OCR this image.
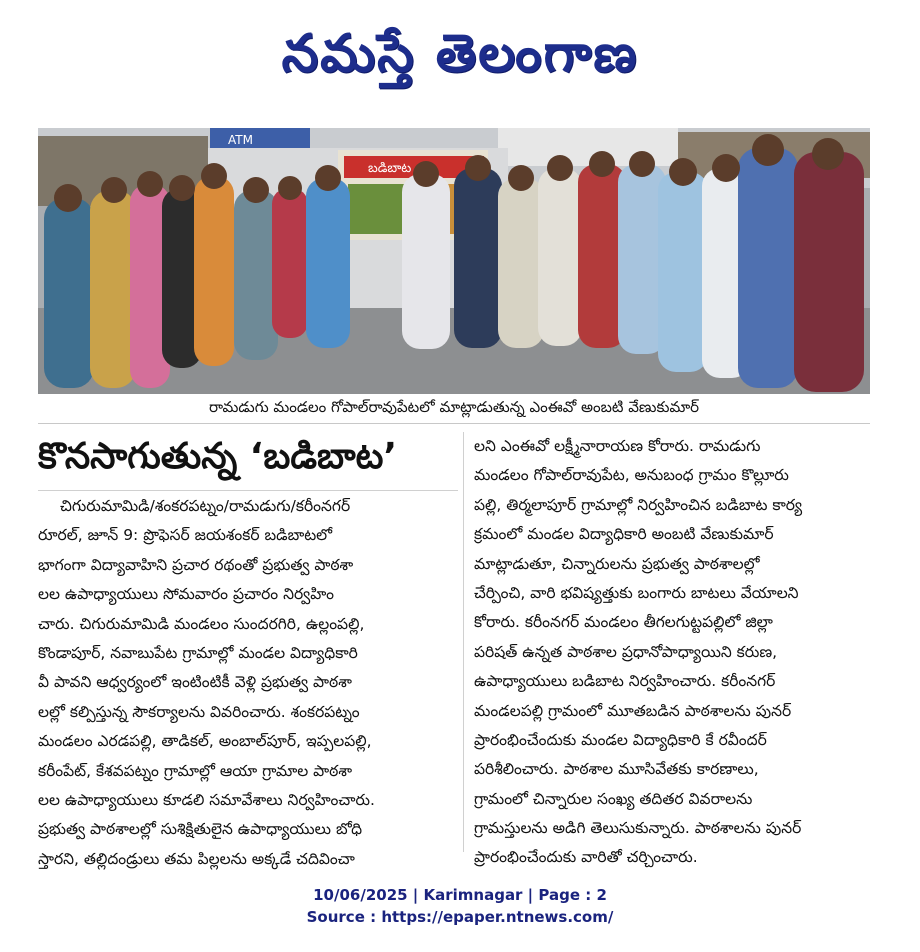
నమస్తే తెలంగాణ
ATM
బడిబాట
రామడుగు మండలం గోపాల్‌రావుపేటలో మాట్లాడుతున్న ఎంఈవో అంబటి వేణుకుమార్
కొనసాగుతున్న ‘బడిబాట’

చిగురుమామిడి/శంకరపట్నం/రామడుగు/కరీంనగర్

రూరల్, జూన్ 9: ప్రొఫెసర్ జయశంకర్ బడిబాటలో

భాగంగా విద్యావాహిని ప్రచార రథంతో ప్రభుత్వ పాఠశా

లల ఉపాధ్యాయులు సోమవారం ప్రచారం నిర్వహిం

చారు. చిగురుమామిడి మండలం సుందరగిరి, ఉల్లంపల్లి,

కొండాపూర్, నవాబుపేట గ్రామాల్లో మండల విద్యాధికారి

వీ పావని ఆధ్వర్యంలో ఇంటింటికీ వెళ్లి ప్రభుత్వ పాఠశా

లల్లో కల్పిస్తున్న సౌకర్యాలను వివరించారు. శంకరపట్నం

మండలం ఎరడపల్లి, తాడికల్, అంబాల్‌పూర్, ఇప్పలపల్లి,

కరీంపేట్, కేశవపట్నం గ్రామాల్లో ఆయా గ్రామాల పాఠశా

లల ఉపాధ్యాయులు కూడలి సమావేశాలు నిర్వహించారు.

ప్రభుత్వ పాఠశాలల్లో సుశిక్షితులైన ఉపాధ్యాయులు బోధి

స్తారని, తల్లిదండ్రులు తమ పిల్లలను అక్కడే చదివించా

లని ఎంఈవో లక్ష్మీనారాయణ కోరారు. రామడుగు

మండలం గోపాల్‌రావుపేట, అనుబంధ గ్రామం కొల్లూరు

పల్లి, తిర్మలాపూర్ గ్రామాల్లో నిర్వహించిన బడిబాట కార్య

క్రమంలో మండల విద్యాధికారి అంబటి వేణుకుమార్

మాట్లాడుతూ, చిన్నారులను ప్రభుత్వ పాఠశాలల్లో

చేర్పించి, వారి భవిష్యత్తుకు బంగారు బాటలు వేయాలని

కోరారు. కరీంనగర్ మండలం తీగలగుట్టపల్లిలో జిల్లా

పరిషత్ ఉన్నత పాఠశాల ప్రధానోపాధ్యాయిని కరుణ,

ఉపాధ్యాయులు బడిబాట నిర్వహించారు. కరీంనగర్

మండలపల్లి గ్రామంలో మూతబడిన పాఠశాలను పునర్

ప్రారంభించేందుకు మండల విద్యాధికారి కే రవీందర్

పరిశీలించారు. పాఠశాల మూసివేతకు కారణాలు,

గ్రామంలో చిన్నారుల సంఖ్య తదితర వివరాలను

గ్రామస్తులను అడిగి తెలుసుకున్నారు. పాఠశాలను పునర్

ప్రారంభించేందుకు వారితో చర్చించారు.

10/06/2025 | Karimnagar | Page : 2
Source : https://epaper.ntnews.com/
